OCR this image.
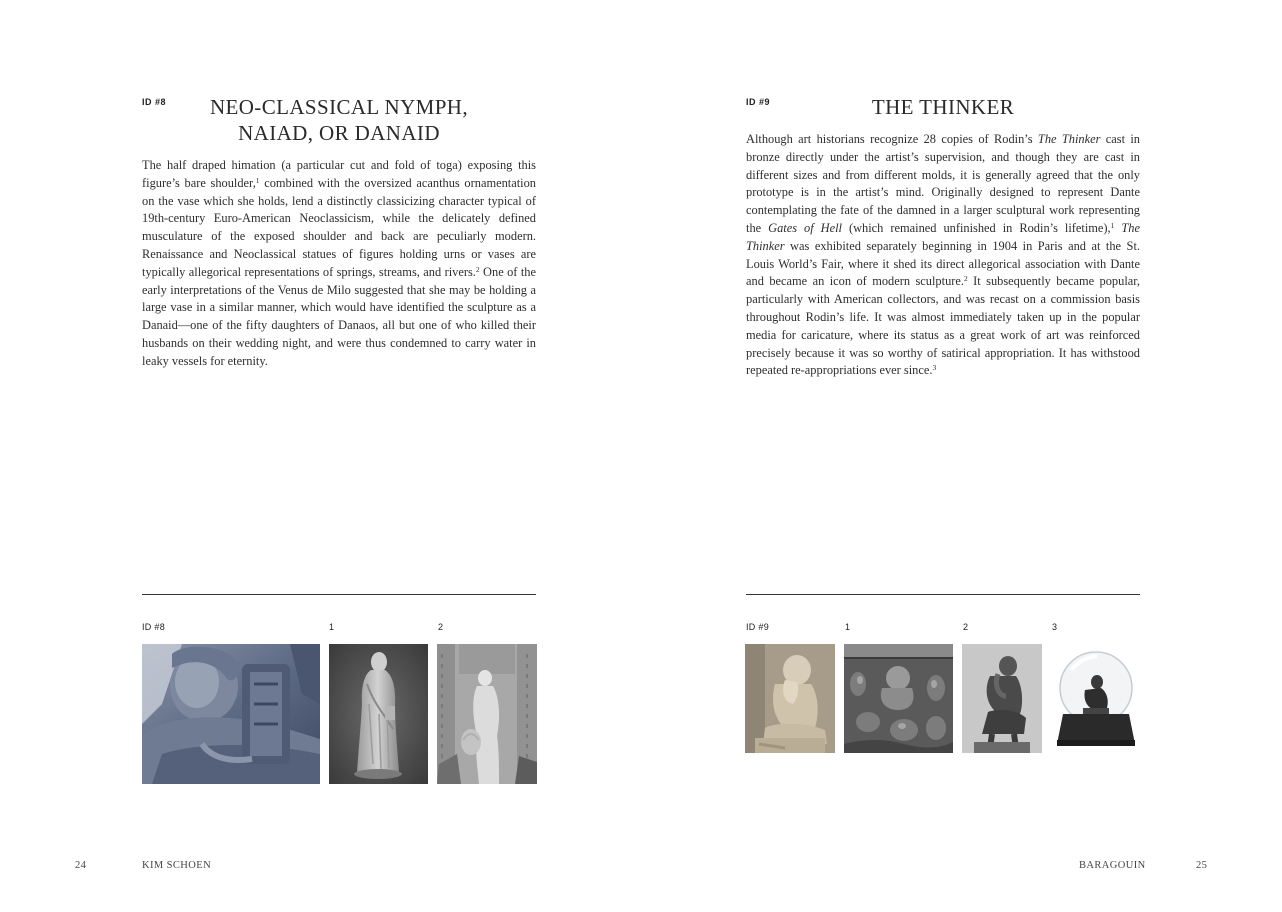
ID #8	NEO-CLASSICAL NYMPH,
NAIAD, OR DANAID
The half draped himation (a particular cut and fold of toga) exposing this figure’s bare shoulder,$^1$ combined with the oversized acanthus ornamentation on the vase which she holds, lend a distinctly classicizing character typical of 19th-century Euro-American Neoclassicism, while the delicately defined musculature of the exposed shoulder and back are peculiarly modern. Renaissance and Neoclassical statues of figures holding urns or vases are typically allegorical representations of springs, streams, and rivers.$^2$ One of the early interpretations of the Venus de Milo suggested that she may be holding a large vase in a similar manner, which would have identified the sculpture as a Danaid—one of the fifty daughters of Danaos, all but one of who killed their husbands on their wedding night, and were thus condemned to carry water in leaky vessels for eternity.
ID #8	1	2
24	KIM SCHOEN
ID #9	THE THINKER
Although art historians recognize 28 copies of Rodin’s The Thinker cast in bronze directly under the artist’s supervision, and though they are cast in different sizes and from different molds, it is generally agreed that the only prototype is in the artist’s mind. Originally designed to represent Dante contemplating the fate of the damned in a larger sculptural work representing the Gates of Hell (which remained unfinished in Rodin’s lifetime),$^1$ The Thinker was exhibited separately beginning in 1904 in Paris and at the St. Louis World’s Fair, where it shed its direct allegorical association with Dante and became an icon of modern sculpture.$^2$ It subsequently became popular, particularly with American collectors, and was recast on a commission basis throughout Rodin’s life. It was almost immediately taken up in the popular media for caricature, where its status as a great work of art was reinforced precisely because it was so worthy of satirical appropriation. It has withstood repeated re-appropriations ever since.$^3$
ID #9	1	2	3
BARAGOUIN	25
